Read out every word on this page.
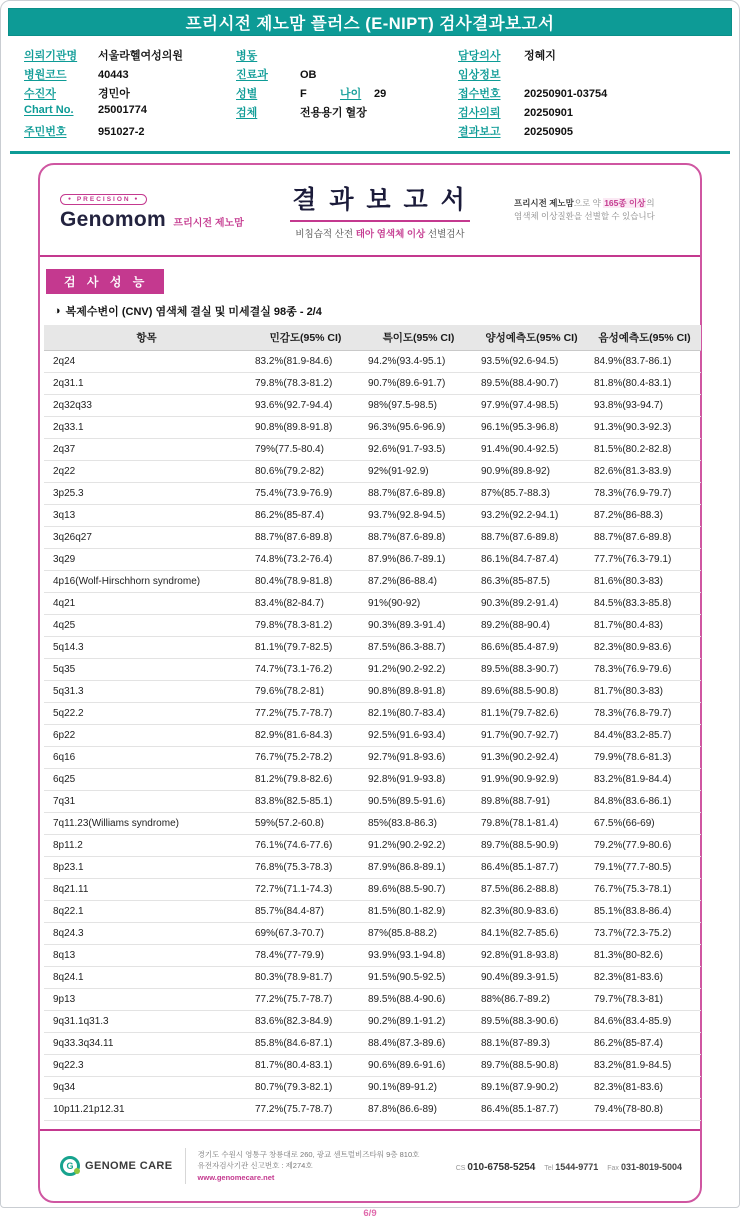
프리시전 제노맘 플러스 (E-NIPT) 검사결과보고서
의뢰기관명	서울라헬여성의원
병원코드	40443
수진자	경민아
Chart No.	25001774
주민번호	951027-2
병동
진료과	OB
성별	F	나이	29
검체	전용용기 혈장
담당의사	정혜지
임상정보
접수번호	20250901-03754
검사의뢰	20250901
결과보고	20250905
● PRECISION ●
Genomom 프리시전 제노맘
결 과 보 고 서
비침습적 산전 태아 염색체 이상 선별검사
프리시전 제노맘으로 약 165종 이상의
염색체 이상질환을 선별할 수 있습니다
검 사 성 능
◑ 복제수변이 (CNV) 염색체 결실 및 미세결실 98종 - 2/4
항목	민감도(95% CI)	특이도(95% CI)	양성예측도(95% CI)	음성예측도(95% CI)
2q24	83.2%(81.9-84.6)	94.2%(93.4-95.1)	93.5%(92.6-94.5)	84.9%(83.7-86.1)
2q31.1	79.8%(78.3-81.2)	90.7%(89.6-91.7)	89.5%(88.4-90.7)	81.8%(80.4-83.1)
2q32q33	93.6%(92.7-94.4)	98%(97.5-98.5)	97.9%(97.4-98.5)	93.8%(93-94.7)
2q33.1	90.8%(89.8-91.8)	96.3%(95.6-96.9)	96.1%(95.3-96.8)	91.3%(90.3-92.3)
2q37	79%(77.5-80.4)	92.6%(91.7-93.5)	91.4%(90.4-92.5)	81.5%(80.2-82.8)
2q22	80.6%(79.2-82)	92%(91-92.9)	90.9%(89.8-92)	82.6%(81.3-83.9)
3p25.3	75.4%(73.9-76.9)	88.7%(87.6-89.8)	87%(85.7-88.3)	78.3%(76.9-79.7)
3q13	86.2%(85-87.4)	93.7%(92.8-94.5)	93.2%(92.2-94.1)	87.2%(86-88.3)
3q26q27	88.7%(87.6-89.8)	88.7%(87.6-89.8)	88.7%(87.6-89.8)	88.7%(87.6-89.8)
3q29	74.8%(73.2-76.4)	87.9%(86.7-89.1)	86.1%(84.7-87.4)	77.7%(76.3-79.1)
4p16(Wolf-Hirschhorn syndrome)	80.4%(78.9-81.8)	87.2%(86-88.4)	86.3%(85-87.5)	81.6%(80.3-83)
4q21	83.4%(82-84.7)	91%(90-92)	90.3%(89.2-91.4)	84.5%(83.3-85.8)
4q25	79.8%(78.3-81.2)	90.3%(89.3-91.4)	89.2%(88-90.4)	81.7%(80.4-83)
5q14.3	81.1%(79.7-82.5)	87.5%(86.3-88.7)	86.6%(85.4-87.9)	82.3%(80.9-83.6)
5q35	74.7%(73.1-76.2)	91.2%(90.2-92.2)	89.5%(88.3-90.7)	78.3%(76.9-79.6)
5q31.3	79.6%(78.2-81)	90.8%(89.8-91.8)	89.6%(88.5-90.8)	81.7%(80.3-83)
5q22.2	77.2%(75.7-78.7)	82.1%(80.7-83.4)	81.1%(79.7-82.6)	78.3%(76.8-79.7)
6p22	82.9%(81.6-84.3)	92.5%(91.6-93.4)	91.7%(90.7-92.7)	84.4%(83.2-85.7)
6q16	76.7%(75.2-78.2)	92.7%(91.8-93.6)	91.3%(90.2-92.4)	79.9%(78.6-81.3)
6q25	81.2%(79.8-82.6)	92.8%(91.9-93.8)	91.9%(90.9-92.9)	83.2%(81.9-84.4)
7q31	83.8%(82.5-85.1)	90.5%(89.5-91.6)	89.8%(88.7-91)	84.8%(83.6-86.1)
7q11.23(Williams syndrome)	59%(57.2-60.8)	85%(83.8-86.3)	79.8%(78.1-81.4)	67.5%(66-69)
8p11.2	76.1%(74.6-77.6)	91.2%(90.2-92.2)	89.7%(88.5-90.9)	79.2%(77.9-80.6)
8p23.1	76.8%(75.3-78.3)	87.9%(86.8-89.1)	86.4%(85.1-87.7)	79.1%(77.7-80.5)
8q21.11	72.7%(71.1-74.3)	89.6%(88.5-90.7)	87.5%(86.2-88.8)	76.7%(75.3-78.1)
8q22.1	85.7%(84.4-87)	81.5%(80.1-82.9)	82.3%(80.9-83.6)	85.1%(83.8-86.4)
8q24.3	69%(67.3-70.7)	87%(85.8-88.2)	84.1%(82.7-85.6)	73.7%(72.3-75.2)
8q13	78.4%(77-79.9)	93.9%(93.1-94.8)	92.8%(91.8-93.8)	81.3%(80-82.6)
8q24.1	80.3%(78.9-81.7)	91.5%(90.5-92.5)	90.4%(89.3-91.5)	82.3%(81-83.6)
9p13	77.2%(75.7-78.7)	89.5%(88.4-90.6)	88%(86.7-89.2)	79.7%(78.3-81)
9q31.1q31.3	83.6%(82.3-84.9)	90.2%(89.1-91.2)	89.5%(88.3-90.6)	84.6%(83.4-85.9)
9q33.3q34.11	85.8%(84.6-87.1)	88.4%(87.3-89.6)	88.1%(87-89.3)	86.2%(85-87.4)
9q22.3	81.7%(80.4-83.1)	90.6%(89.6-91.6)	89.7%(88.5-90.8)	83.2%(81.9-84.5)
9q34	80.7%(79.3-82.1)	90.1%(89-91.2)	89.1%(87.9-90.2)	82.3%(81-83.6)
10p11.21p12.31	77.2%(75.7-78.7)	87.8%(86.6-89)	86.4%(85.1-87.7)	79.4%(78-80.8)
G	GENOME CARE
경기도 수원시 영통구 창룡대로 260, 광교 센트럴비즈타워 9층 810호
유전자검사기관 신고번호 : 제274호
www.genomecare.net
CS 010-6758-5254 Tel 1544-9771 Fax 031-8019-5004
6/9
